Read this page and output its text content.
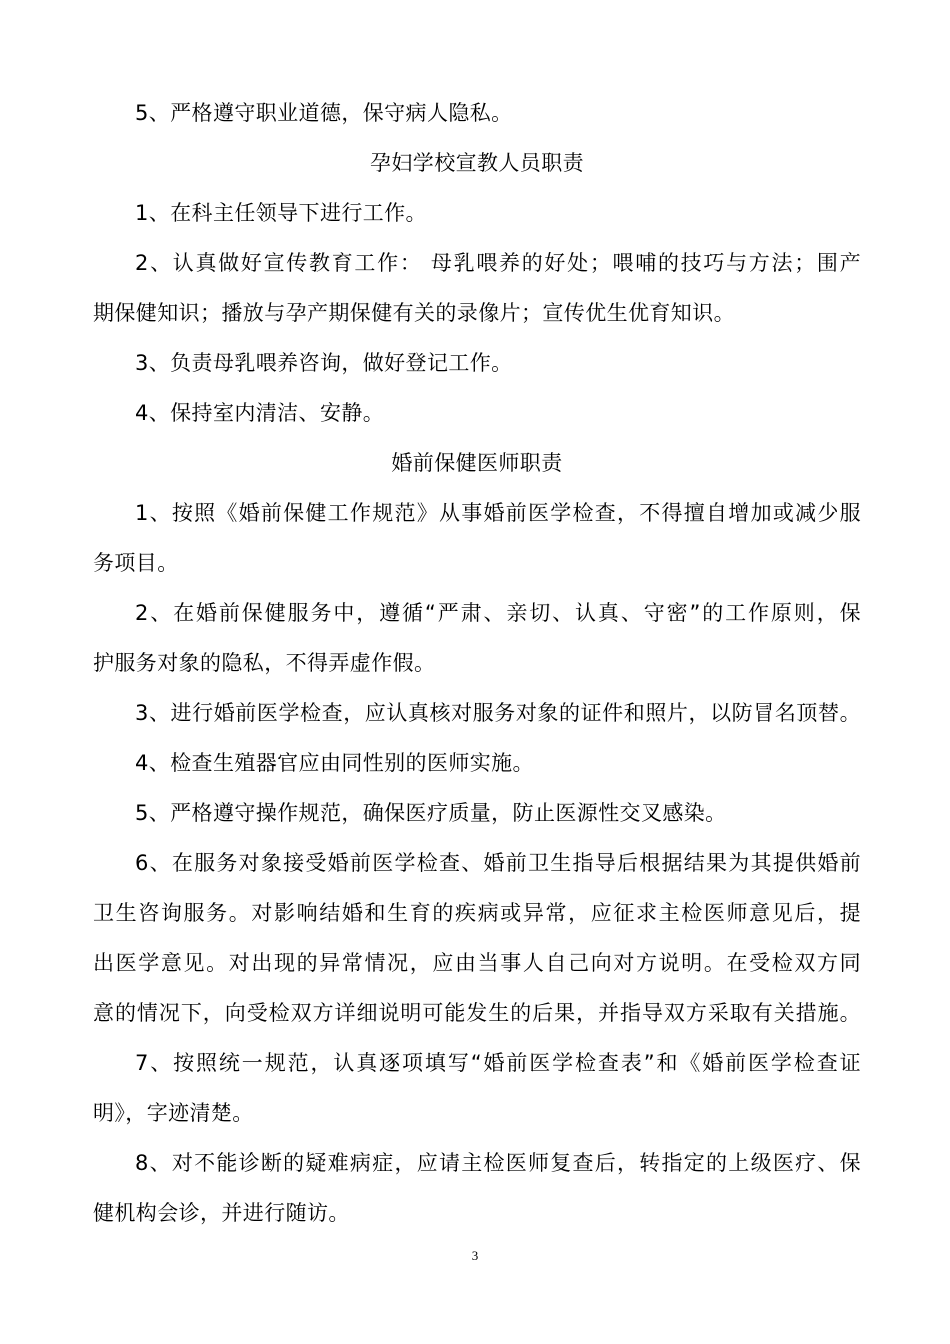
5、严格遵守职业道德，保守病人隐私。
孕妇学校宣教人员职责
1、在科主任领导下进行工作。
2、认真做好宣传教育工作： 母乳喂养的好处；喂哺的技巧与方法；围产
期保健知识；播放与孕产期保健有关的录像片；宣传优生优育知识。
3、负责母乳喂养咨询，做好登记工作。
4、保持室内清洁、安静。
婚前保健医师职责
1、按照《婚前保健工作规范》从事婚前医学检查，不得擅自增加或减少服
务项目。
2、在婚前保健服务中，遵循“严肃、亲切、认真、守密”的工作原则，保
护服务对象的隐私，不得弄虚作假。
3、进行婚前医学检查，应认真核对服务对象的证件和照片，以防冒名顶替。
4、检查生殖器官应由同性别的医师实施。
5、严格遵守操作规范，确保医疗质量，防止医源性交叉感染。
6、在服务对象接受婚前医学检查、婚前卫生指导后根据结果为其提供婚前
卫生咨询服务。对影响结婚和生育的疾病或异常，应征求主检医师意见后，提
出医学意见。对出现的异常情况，应由当事人自己向对方说明。在受检双方同
意的情况下，向受检双方详细说明可能发生的后果，并指导双方采取有关措施。
7、按照统一规范，认真逐项填写“婚前医学检查表”和《婚前医学检查证
明》，字迹清楚。
8、对不能诊断的疑难病症，应请主检医师复查后，转指定的上级医疗、保
健机构会诊，并进行随访。
3
